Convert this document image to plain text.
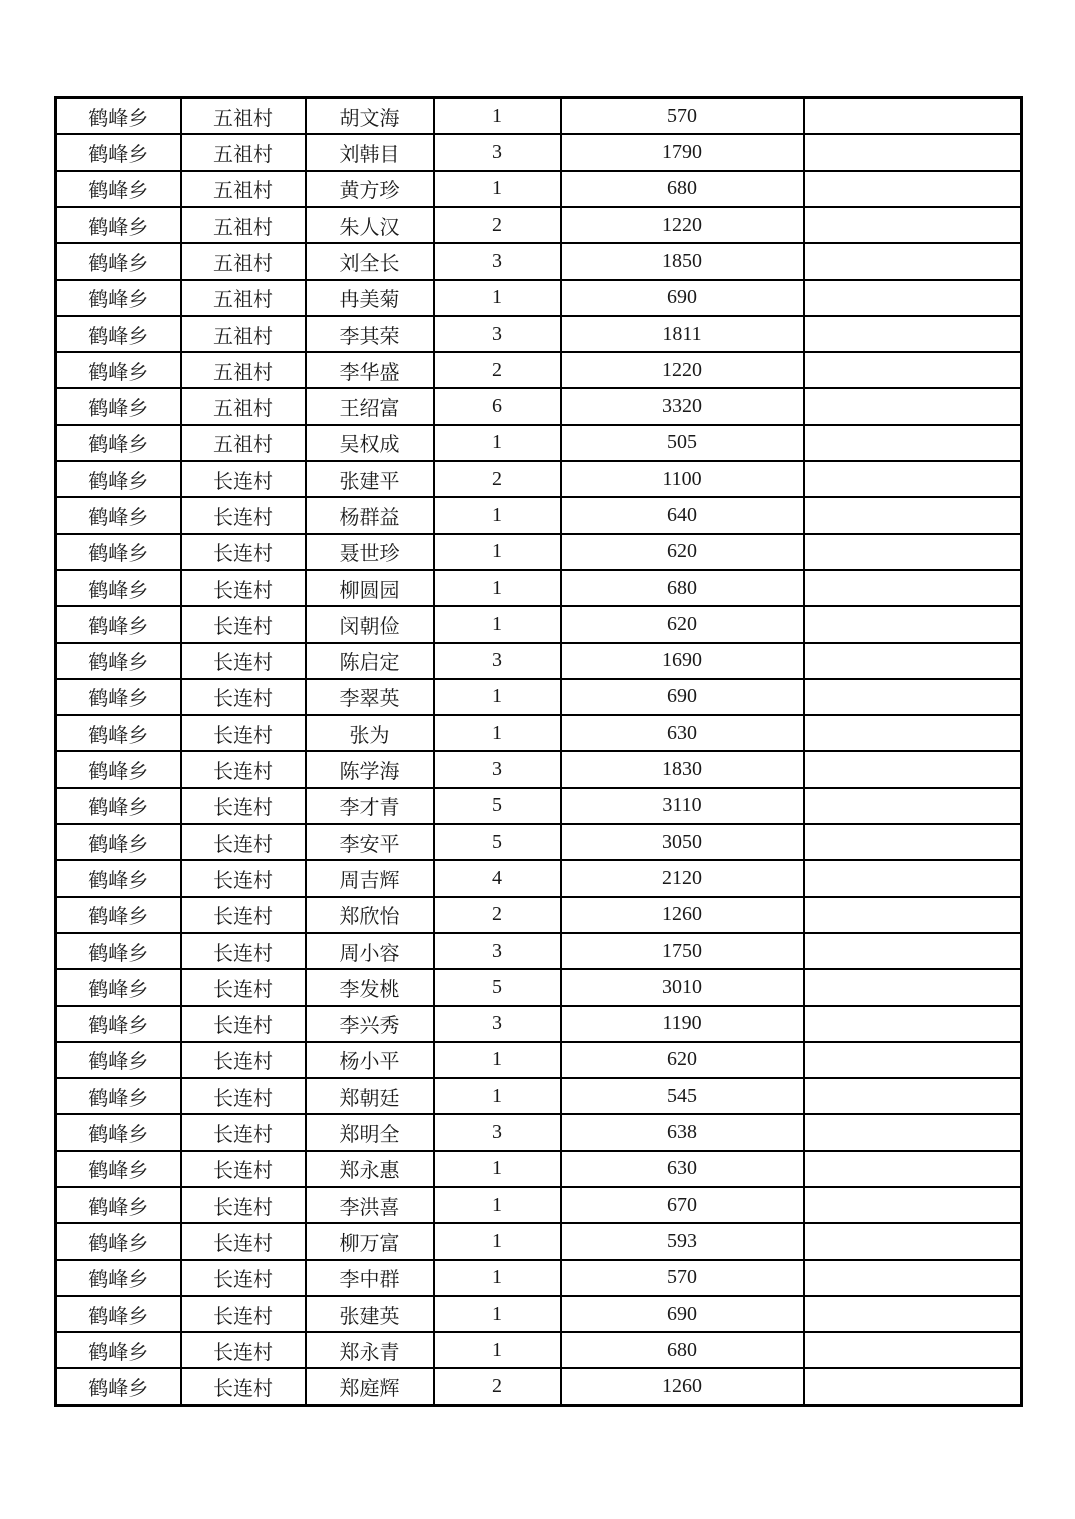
鹤峰乡	五祖村	胡文海	1	570	
鹤峰乡	五祖村	刘韩目	3	1790	
鹤峰乡	五祖村	黄方珍	1	680	
鹤峰乡	五祖村	朱人汉	2	1220	
鹤峰乡	五祖村	刘全长	3	1850	
鹤峰乡	五祖村	冉美菊	1	690	
鹤峰乡	五祖村	李其荣	3	1811	
鹤峰乡	五祖村	李华盛	2	1220	
鹤峰乡	五祖村	王绍富	6	3320	
鹤峰乡	五祖村	吴权成	1	505	
鹤峰乡	长连村	张建平	2	1100	
鹤峰乡	长连村	杨群益	1	640	
鹤峰乡	长连村	聂世珍	1	620	
鹤峰乡	长连村	柳圆园	1	680	
鹤峰乡	长连村	闵朝俭	1	620	
鹤峰乡	长连村	陈启定	3	1690	
鹤峰乡	长连村	李翠英	1	690	
鹤峰乡	长连村	张为	1	630	
鹤峰乡	长连村	陈学海	3	1830	
鹤峰乡	长连村	李才青	5	3110	
鹤峰乡	长连村	李安平	5	3050	
鹤峰乡	长连村	周吉辉	4	2120	
鹤峰乡	长连村	郑欣怡	2	1260	
鹤峰乡	长连村	周小容	3	1750	
鹤峰乡	长连村	李发桃	5	3010	
鹤峰乡	长连村	李兴秀	3	1190	
鹤峰乡	长连村	杨小平	1	620	
鹤峰乡	长连村	郑朝廷	1	545	
鹤峰乡	长连村	郑明全	3	638	
鹤峰乡	长连村	郑永惠	1	630	
鹤峰乡	长连村	李洪喜	1	670	
鹤峰乡	长连村	柳万富	1	593	
鹤峰乡	长连村	李中群	1	570	
鹤峰乡	长连村	张建英	1	690	
鹤峰乡	长连村	郑永青	1	680	
鹤峰乡	长连村	郑庭辉	2	1260	
